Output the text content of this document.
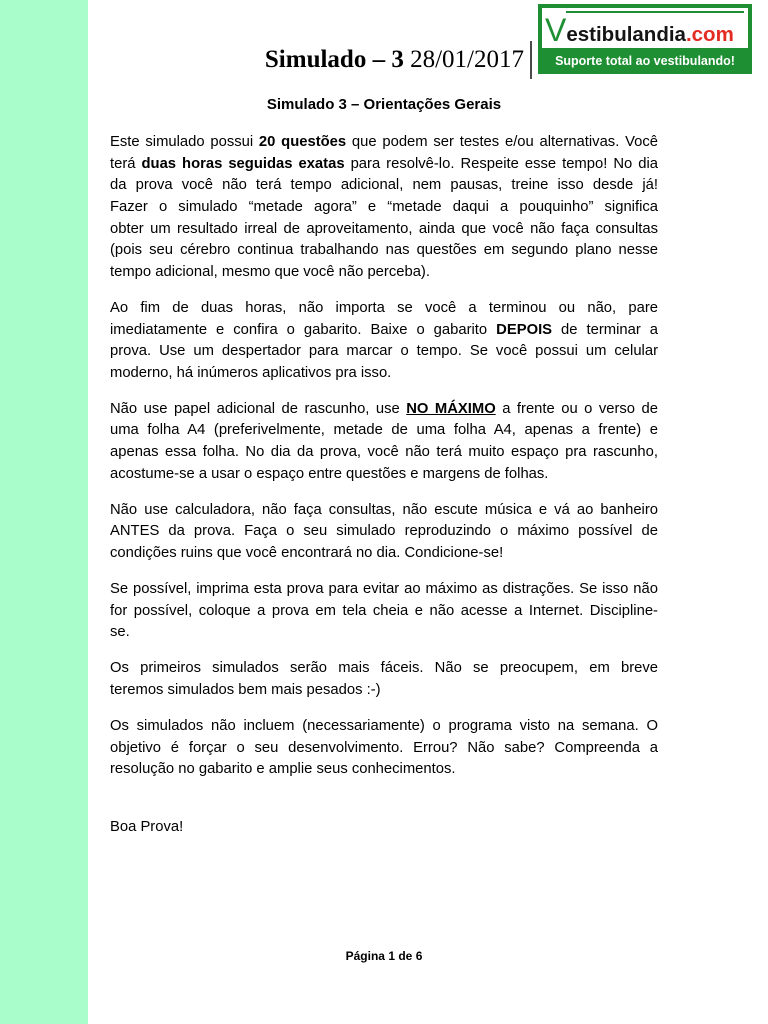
Simulado – 3 28/01/2017
Vestibulandia.com
Suporte total ao vestibulando!
Simulado 3 – Orientações Gerais
Este simulado possui 20 questões que podem ser testes e/ou alternativas. Você
terá duas horas seguidas exatas para resolvê-lo. Respeite esse tempo! No dia
da prova você não terá tempo adicional, nem pausas, treine isso desde já!
Fazer o simulado “metade agora” e “metade daqui a pouquinho” significa
obter um resultado irreal de aproveitamento, ainda que você não faça consultas
(pois seu cérebro continua trabalhando nas questões em segundo plano nesse
tempo adicional, mesmo que você não perceba).
Ao fim de duas horas, não importa se você a terminou ou não, pare
imediatamente e confira o gabarito. Baixe o gabarito DEPOIS de terminar a
prova. Use um despertador para marcar o tempo. Se você possui um celular
moderno, há inúmeros aplicativos pra isso.
Não use papel adicional de rascunho, use NO MÁXIMO a frente ou o verso de
uma folha A4 (preferivelmente, metade de uma folha A4, apenas a frente) e
apenas essa folha. No dia da prova, você não terá muito espaço pra rascunho,
acostume-se a usar o espaço entre questões e margens de folhas.
Não use calculadora, não faça consultas, não escute música e vá ao banheiro
ANTES da prova. Faça o seu simulado reproduzindo o máximo possível de
condições ruins que você encontrará no dia. Condicione-se!
Se possível, imprima esta prova para evitar ao máximo as distrações. Se isso não
for possível, coloque a prova em tela cheia e não acesse a Internet. Discipline-
se.
Os primeiros simulados serão mais fáceis. Não se preocupem, em breve
teremos simulados bem mais pesados :-)
Os simulados não incluem (necessariamente) o programa visto na semana. O
objetivo é forçar o seu desenvolvimento. Errou? Não sabe? Compreenda a
resolução no gabarito e amplie seus conhecimentos.
Boa Prova!
Página 1 de 6
